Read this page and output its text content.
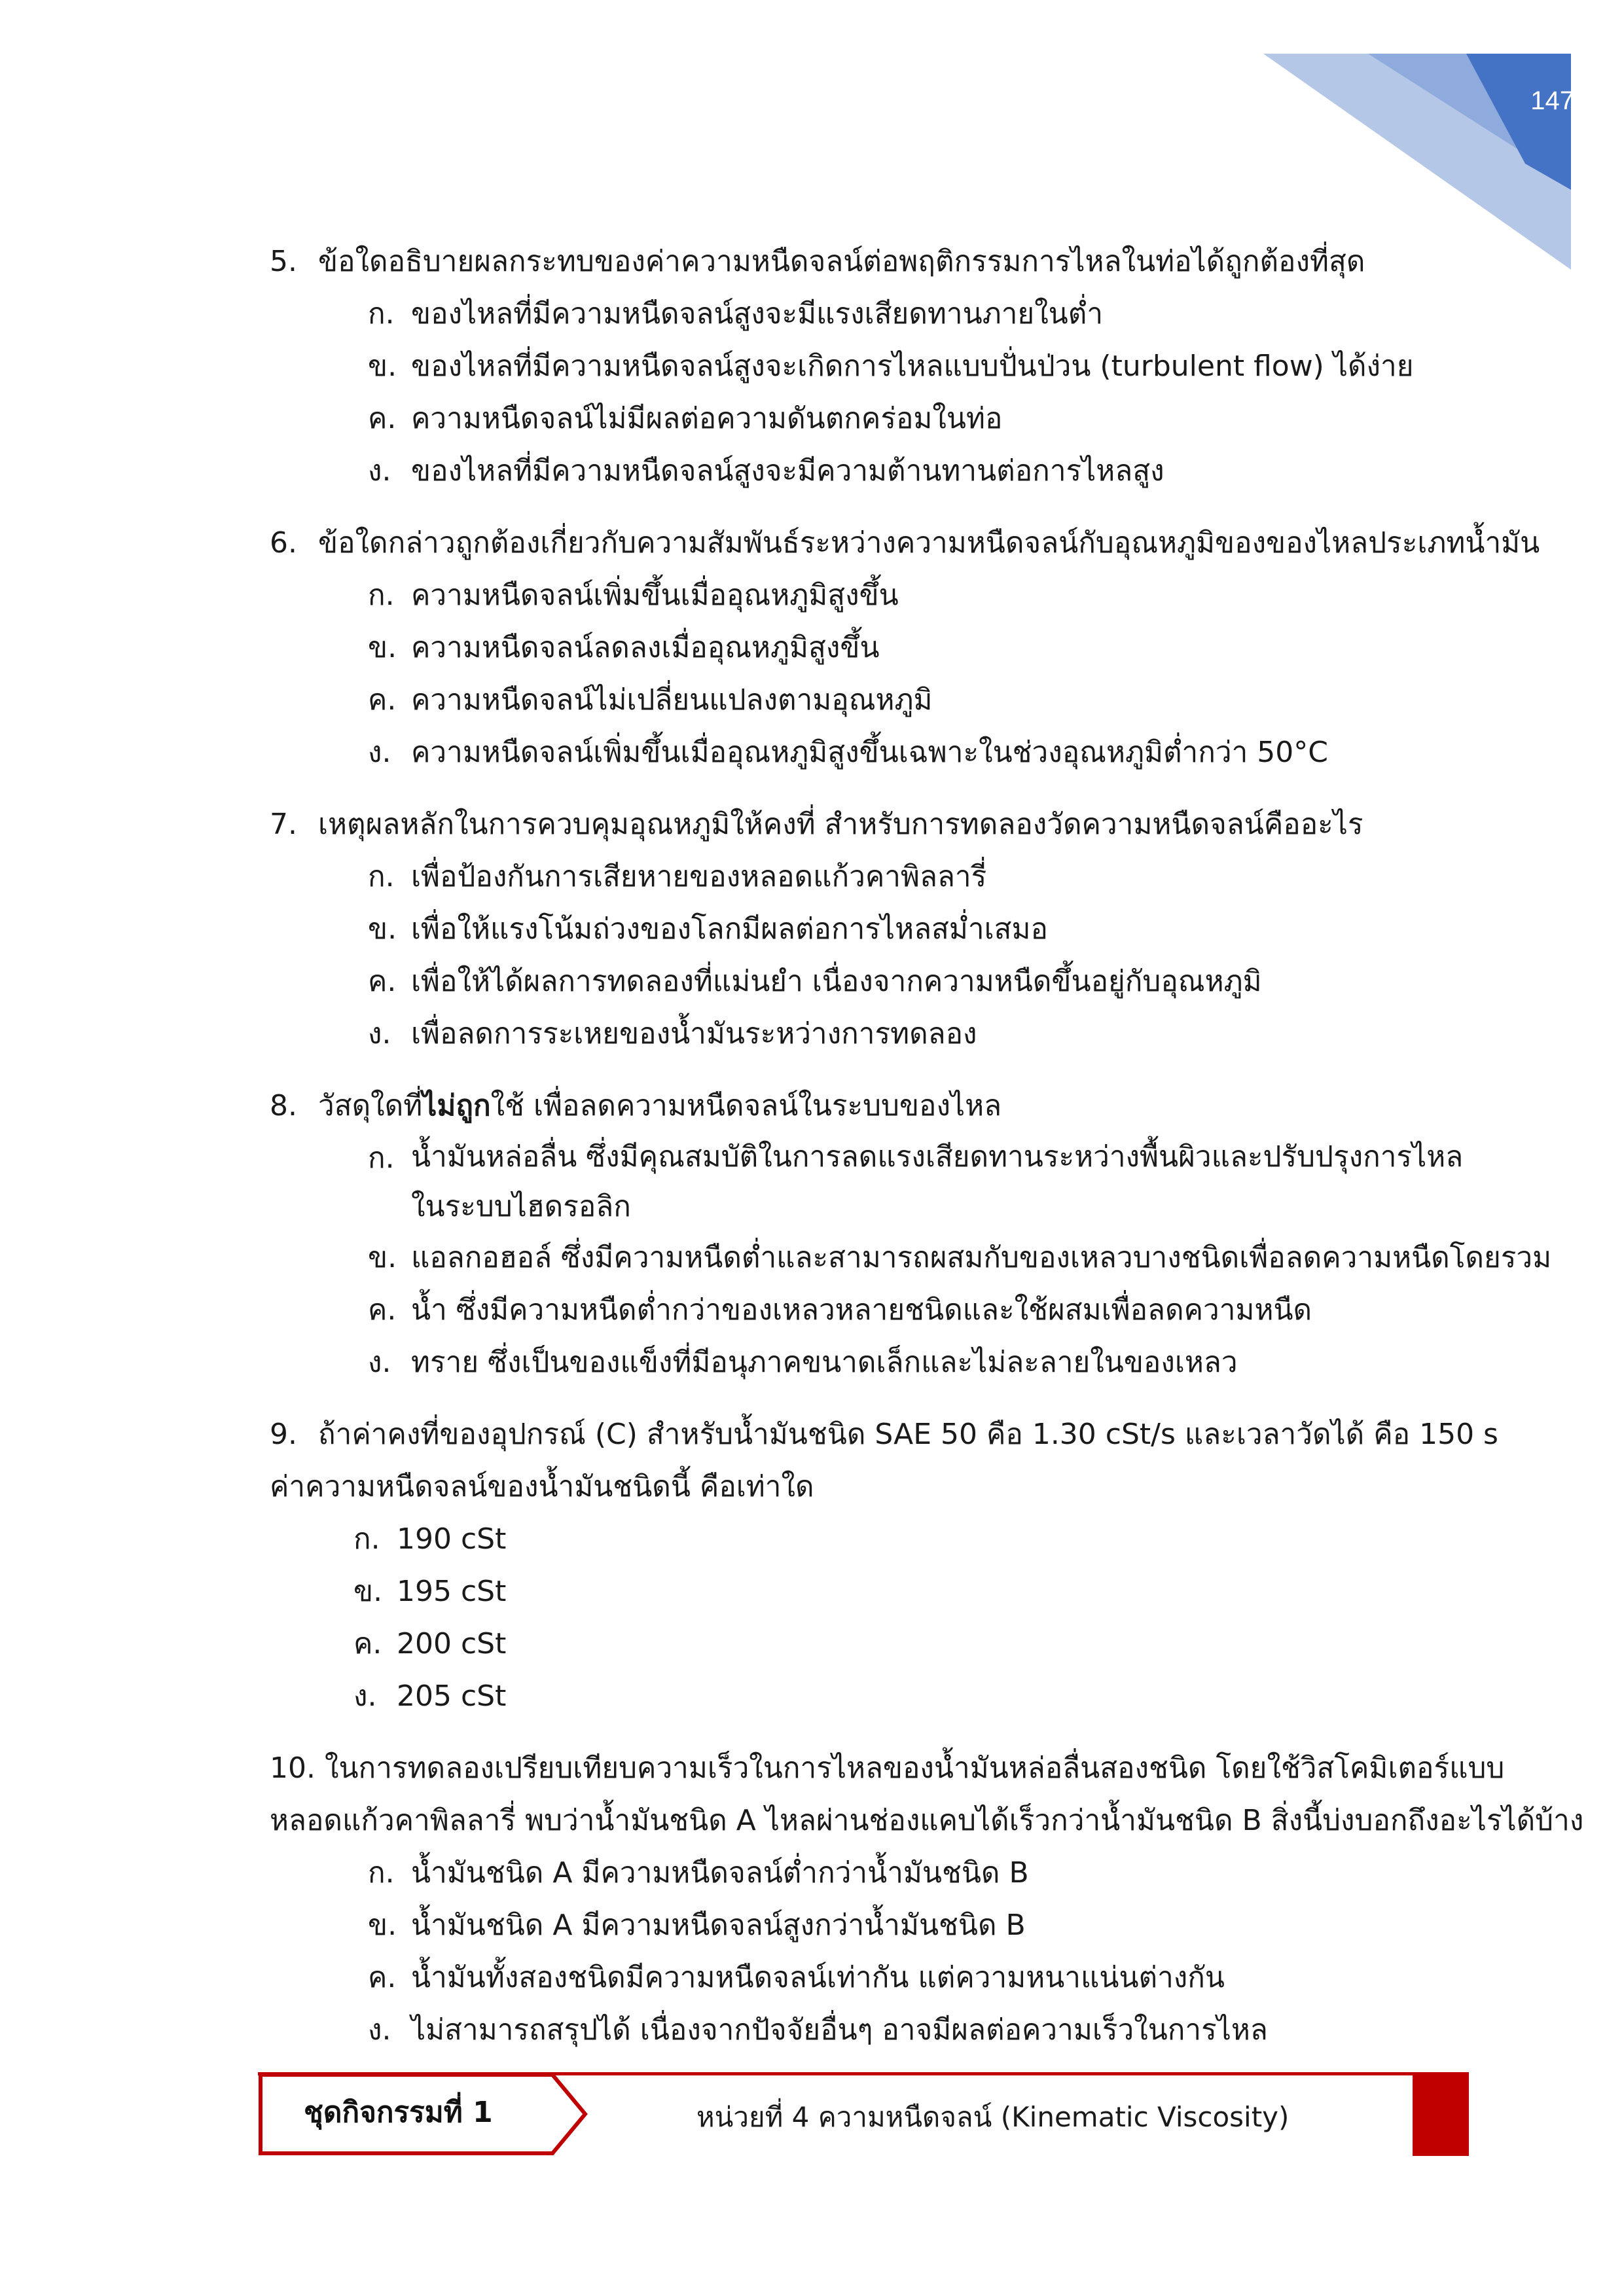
147
5. ข้อใดอธิบายผลกระทบของค่าความหนืดจลน์ต่อพฤติกรรมการไหลในท่อได้ถูกต้องที่สุด
ก. ของไหลที่มีความหนืดจลน์สูงจะมีแรงเสียดทานภายในต่ำ
ข. ของไหลที่มีความหนืดจลน์สูงจะเกิดการไหลแบบปั่นป่วน (turbulent flow) ได้ง่าย
ค. ความหนืดจลน์ไม่มีผลต่อความดันตกคร่อมในท่อ
ง. ของไหลที่มีความหนืดจลน์สูงจะมีความต้านทานต่อการไหลสูง
6. ข้อใดกล่าวถูกต้องเกี่ยวกับความสัมพันธ์ระหว่างความหนืดจลน์กับอุณหภูมิของของไหลประเภทน้ำมัน
ก. ความหนืดจลน์เพิ่มขึ้นเมื่ออุณหภูมิสูงขึ้น
ข. ความหนืดจลน์ลดลงเมื่ออุณหภูมิสูงขึ้น
ค. ความหนืดจลน์ไม่เปลี่ยนแปลงตามอุณหภูมิ
ง. ความหนืดจลน์เพิ่มขึ้นเมื่ออุณหภูมิสูงขึ้นเฉพาะในช่วงอุณหภูมิต่ำกว่า 50°C
7. เหตุผลหลักในการควบคุมอุณหภูมิให้คงที่ สำหรับการทดลองวัดความหนืดจลน์คืออะไร
ก. เพื่อป้องกันการเสียหายของหลอดแก้วคาพิลลารี่
ข. เพื่อให้แรงโน้มถ่วงของโลกมีผลต่อการไหลสม่ำเสมอ
ค. เพื่อให้ได้ผลการทดลองที่แม่นยำ เนื่องจากความหนืดขึ้นอยู่กับอุณหภูมิ
ง. เพื่อลดการระเหยของน้ำมันระหว่างการทดลอง
8. วัสดุใดที่ไม่ถูกใช้ เพื่อลดความหนืดจลน์ในระบบของไหล
ก. น้ำมันหล่อลื่น ซึ่งมีคุณสมบัติในการลดแรงเสียดทานระหว่างพื้นผิวและปรับปรุงการไหลในระบบไฮดรอลิก
ข. แอลกอฮอล์ ซึ่งมีความหนืดต่ำและสามารถผสมกับของเหลวบางชนิดเพื่อลดความหนืดโดยรวม
ค. น้ำ ซึ่งมีความหนืดต่ำกว่าของเหลวหลายชนิดและใช้ผสมเพื่อลดความหนืด
ง. ทราย ซึ่งเป็นของแข็งที่มีอนุภาคขนาดเล็กและไม่ละลายในของเหลว
9. ถ้าค่าคงที่ของอุปกรณ์ (C) สำหรับน้ำมันชนิด SAE 50 คือ 1.30 cSt/s และเวลาวัดได้ คือ 150 s
ค่าความหนืดจลน์ของน้ำมันชนิดนี้ คือเท่าใด
ก. 190 cSt
ข. 195 cSt
ค. 200 cSt
ง. 205 cSt
10. ในการทดลองเปรียบเทียบความเร็วในการไหลของน้ำมันหล่อลื่นสองชนิด โดยใช้วิสโคมิเตอร์แบบ
หลอดแก้วคาพิลลารี่ พบว่าน้ำมันชนิด A ไหลผ่านช่องแคบได้เร็วกว่าน้ำมันชนิด B สิ่งนี้บ่งบอกถึงอะไรได้บ้าง
ก. น้ำมันชนิด A มีความหนืดจลน์ต่ำกว่าน้ำมันชนิด B
ข. น้ำมันชนิด A มีความหนืดจลน์สูงกว่าน้ำมันชนิด B
ค. น้ำมันทั้งสองชนิดมีความหนืดจลน์เท่ากัน แต่ความหนาแน่นต่างกัน
ง. ไม่สามารถสรุปได้ เนื่องจากปัจจัยอื่นๆ อาจมีผลต่อความเร็วในการไหล
ชุดกิจกรรมที่ 1	หน่วยที่ 4 ความหนืดจลน์ (Kinematic Viscosity)
